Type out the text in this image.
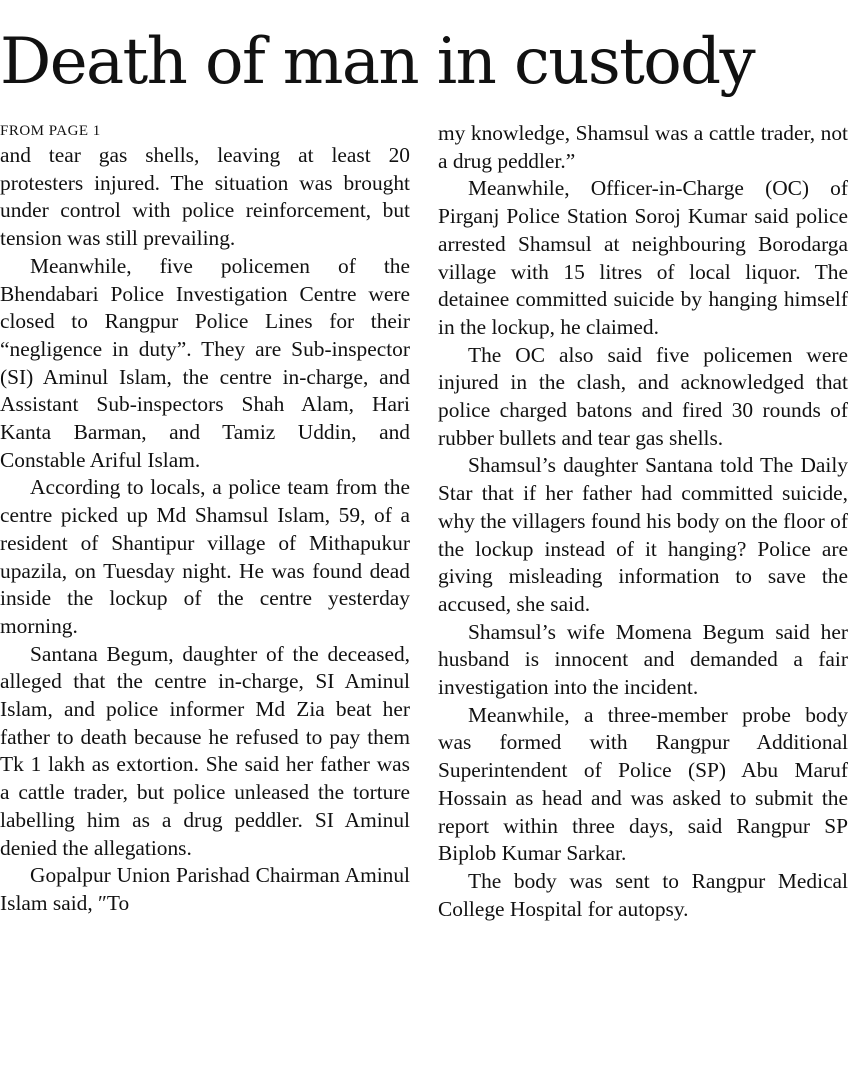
Death of man in custody
FROM PAGE 1

and tear gas shells, leaving at least 20 protesters injured. The situation was brought under control with police reinforcement, but tension was still prevailing.

Meanwhile, five policemen of the Bhendabari Police Investigation Centre were closed to Rangpur Police Lines for their “negligence in duty”. They are Sub-inspector (SI) Aminul Islam, the centre in-charge, and Assistant Sub-inspectors Shah Alam, Hari Kanta Barman, and Tamiz Uddin, and Constable Ariful Islam.

According to locals, a police team from the centre picked up Md Shamsul Islam, 59, of a resident of Shantipur village of Mithapukur upazila, on Tuesday night. He was found dead inside the lockup of the centre yesterday morning.

Santana Begum, daughter of the deceased, alleged that the centre in-charge, SI Aminul Islam, and police informer Md Zia beat her father to death because he refused to pay them Tk 1 lakh as extortion. She said her father was a cattle trader, but police unleased the torture labelling him as a drug peddler. SI Aminul denied the allegations.

Gopalpur Union Parishad Chairman Aminul Islam said, ″To

my knowledge, Shamsul was a cattle trader, not a drug peddler.”

Meanwhile, Officer-in-Charge (OC) of Pirganj Police Station Soroj Kumar said police arrested Shamsul at neighbouring Borodarga village with 15 litres of local liquor. The detainee committed suicide by hanging himself in the lockup, he claimed.

The OC also said five policemen were injured in the clash, and acknowledged that police charged batons and fired 30 rounds of rubber bullets and tear gas shells.

Shamsul’s daughter Santana told The Daily Star that if her father had committed suicide, why the villagers found his body on the floor of the lockup instead of it hanging? Police are giving misleading information to save the accused, she said.

Shamsul’s wife Momena Begum said her husband is innocent and demanded a fair investigation into the incident.

Meanwhile, a three-member probe body was formed with Rangpur Additional Superintendent of Police (SP) Abu Maruf Hossain as head and was asked to submit the report within three days, said Rangpur SP Biplob Kumar Sarkar.

The body was sent to Rangpur Medical College Hospital for autopsy.
